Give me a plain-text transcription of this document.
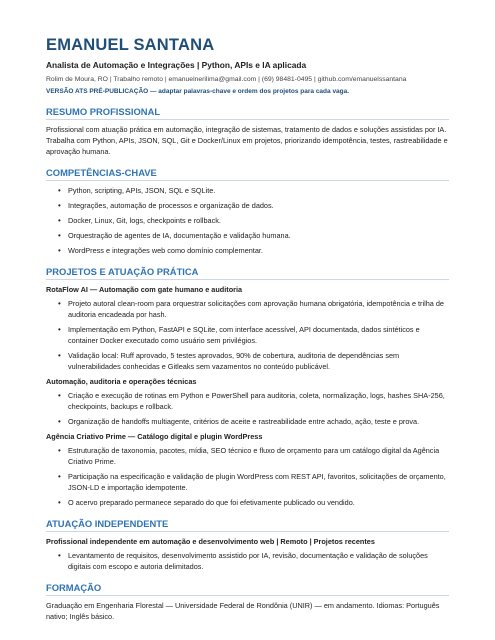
EMANUEL SANTANA
Analista de Automação e Integrações | Python, APIs e IA aplicada
Rolim de Moura, RO | Trabalho remoto | emanuelnerilima@gmail.com | (69) 98481-0495 | github.com/emanuelssantana
VERSÃO ATS PRÉ-PUBLICAÇÃO — adaptar palavras-chave e ordem dos projetos para cada vaga.
RESUMO PROFISSIONAL
Profissional com atuação prática em automação, integração de sistemas, tratamento de dados e soluções assistidas por IA. Trabalha com Python, APIs, JSON, SQL, Git e Docker/Linux em projetos, priorizando idempotência, testes, rastreabilidade e aprovação humana.
COMPETÊNCIAS-CHAVE
• Python, scripting, APIs, JSON, SQL e SQLite.
• Integrações, automação de processos e organização de dados.
• Docker, Linux, Git, logs, checkpoints e rollback.
• Orquestração de agentes de IA, documentação e validação humana.
• WordPress e integrações web como domínio complementar.
PROJETOS E ATUAÇÃO PRÁTICA
RotaFlow AI — Automação com gate humano e auditoria
• Projeto autoral clean-room para orquestrar solicitações com aprovação humana obrigatória, idempotência e trilha de auditoria encadeada por hash.
• Implementação em Python, FastAPI e SQLite, com interface acessível, API documentada, dados sintéticos e container Docker executado como usuário sem privilégios.
• Validação local: Ruff aprovado, 5 testes aprovados, 90% de cobertura, auditoria de dependências sem vulnerabilidades conhecidas e Gitleaks sem vazamentos no conteúdo publicável.
Automação, auditoria e operações técnicas
• Criação e execução de rotinas em Python e PowerShell para auditoria, coleta, normalização, logs, hashes SHA-256, checkpoints, backups e rollback.
• Organização de handoffs multiagente, critérios de aceite e rastreabilidade entre achado, ação, teste e prova.
Agência Criativo Prime — Catálogo digital e plugin WordPress
• Estruturação de taxonomia, pacotes, mídia, SEO técnico e fluxo de orçamento para um catálogo digital da Agência Criativo Prime.
• Participação na especificação e validação de plugin WordPress com REST API, favoritos, solicitações de orçamento, JSON-LD e importação idempotente.
• O acervo preparado permanece separado do que foi efetivamente publicado ou vendido.
ATUAÇÃO INDEPENDENTE
Profissional independente em automação e desenvolvimento web | Remoto | Projetos recentes
• Levantamento de requisitos, desenvolvimento assistido por IA, revisão, documentação e validação de soluções digitais com escopo e autoria delimitados.
FORMAÇÃO
Graduação em Engenharia Florestal — Universidade Federal de Rondônia (UNIR) — em andamento. Idiomas: Português nativo; Inglês básico.
